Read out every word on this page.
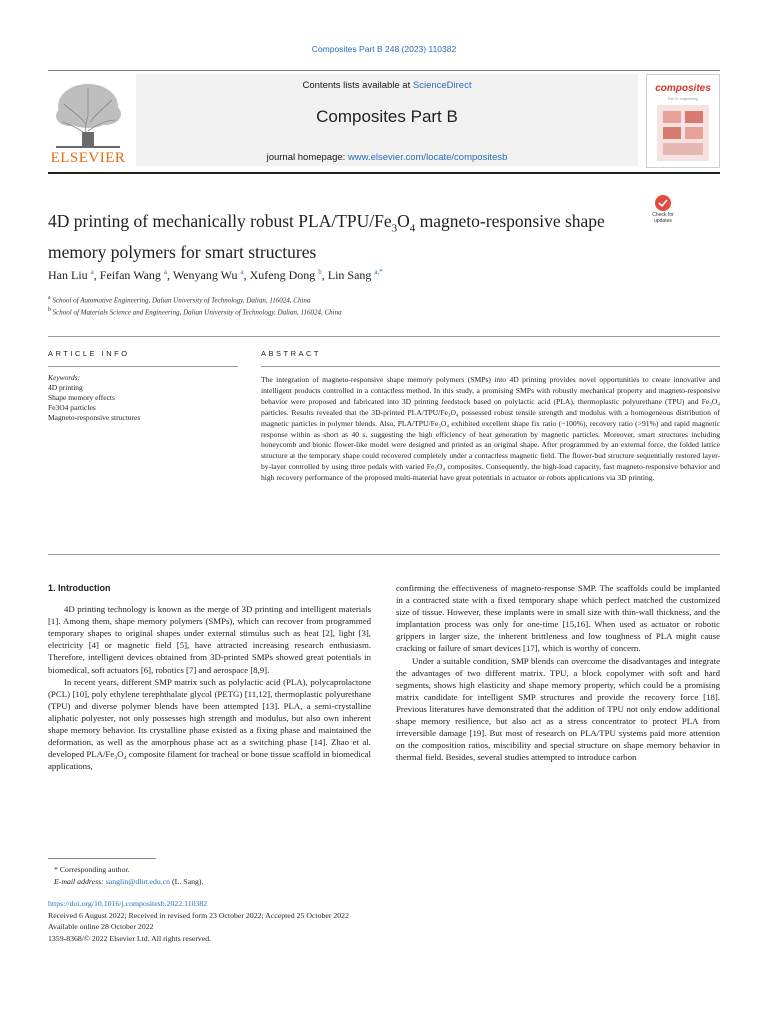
Composites Part B 248 (2023) 110382
ELSEVIER
Contents lists available at ScienceDirect
Composites Part B
journal homepage: www.elsevier.com/locate/compositesb
composites
Part B: engineering
4D printing of mechanically robust PLA/$TPU/Fe_3O_4$ magneto-responsive shape memory polymers for smart structures
Check for
updates
Han Liu $^a$, Feifan Wang $^a$, Wenyang Wu $^a$, Xufeng Dong $^b$, Lin Sang $^{a,*}$
$^a$ School of Automotive Engineering, Dalian University of Technology, Dalian, 116024, China
$^b$ School of Materials Science and Engineering, Dalian University of Technology, Dalian, 116024, China
ARTICLE INFO	ABSTRACT
Keywords:
4D printing
Shape memory effects
Fe3O4 particles
Magneto-responsive structures
The integration of magneto-responsive shape memory polymers (SMPs) into 4D printing provides novel opportunities to create innovative and intelligent products controlled in a contactless method. In this study, a promising SMPs with robustly mechanical property and magneto-responsive behavior were proposed and fabricated into 3D printing feedstock based on polylactic acid (PLA), thermoplastic polyurethane (TPU) and Fe₃O₄ particles. Results revealed that the 3D-printed PLA/TPU/Fe₃O₄ possessed robust tensile strength and modulus with a homogeneous distribution of magnetic particles in polymer blends. Also, PLA/TPU/Fe₃O₄ exhibited excellent shape fix ratio (~100%), recovery ratio (>91%) and rapid magnetic response within as short as 40 s, suggesting the high efficiency of heat generation by magnetic particles. Moreover, smart structures including honeycomb and bionic flower-like model were designed and printed as an original shape. After programmed by an external force, the folded lattice structure at the temporary shape could recovered completely under a contactless magnetic field. The flower-bud structure sequentially restored layer-by-layer controlled by using three pedals with varied Fe₃O₄ composites. Consequently, the high-load capacity, fast magneto-responsive behavior and high recovery performance of the proposed multi-material have great potentials in actuator or robots applications via 3D printing.
1. Introduction

4D printing technology is known as the merge of 3D printing and intelligent materials [1]. Among them, shape memory polymers (SMPs), which can recover from programmed temporary shapes to original shapes under external stimulus such as heat [2], light [3], electricity [4] or magnetic field [5], have attracted increasing research enthusiasm. Therefore, intelligent devices obtained from 3D-printed SMPs showed great potentials in biomedical, soft actuators [6], robotics [7] and aerospace [8,9].

In recent years, different SMP matrix such as polylactic acid (PLA), polycaprolactone (PCL) [10], poly ethylene terephthalate glycol (PETG) [11,12], thermoplastic polyurethane (TPU) and diverse polymer blends have been attempted [13]. PLA, a semi-crystalline aliphatic polyester, not only possesses high strength and modulus, but also own inherent shape memory behavior. Its crystalline phase existed as a fixing phase and maintained the deformation, as well as the amorphous phase act as a switching phase [14]. Zhao et al. developed PLA/Fe₃O₄ composite filament for tracheal or bone tissue scaffold in biomedical applications,

confirming the effectiveness of magneto-response SMP. The scaffolds could be implanted in a contracted state with a fixed temporary shape which perfect matched the customized size of tissue. However, these implants were in small size with thin-wall thickness, and the implantation process was only for one-time [15,16]. When used as actuator or robotic grippers in larger size, the inherent brittleness and low toughness of PLA might cause cracking or failure of smart devices [17], which is worthy of concern.

Under a suitable condition, SMP blends can overcome the disadvantages and integrate the advantages of two different matrix. TPU, a block copolymer with soft and hard segments, shows high elasticity and shape memory property, which could be a promising matrix candidate for intelligent SMP structures and provide the recovery force [18]. Previous literatures have demonstrated that the addition of TPU not only endow additional shape memory resilience, but also act as a stress concentrator to protect PLA from irreversible damage [19]. But most of research on PLA/TPU systems paid more attention on the composition ratios, miscibility and special structure on shape memory behavior in thermal field. Besides, several studies attempted to introduce carbon

* Corresponding author.
E-mail address: sanglin@dlut.edu.cn (L. Sang).
https://doi.org/10.1016/j.compositesb.2022.110382
Received 6 August 2022; Received in revised form 23 October 2022; Accepted 25 October 2022
Available online 28 October 2022
1359-8368/© 2022 Elsevier Ltd. All rights reserved.
